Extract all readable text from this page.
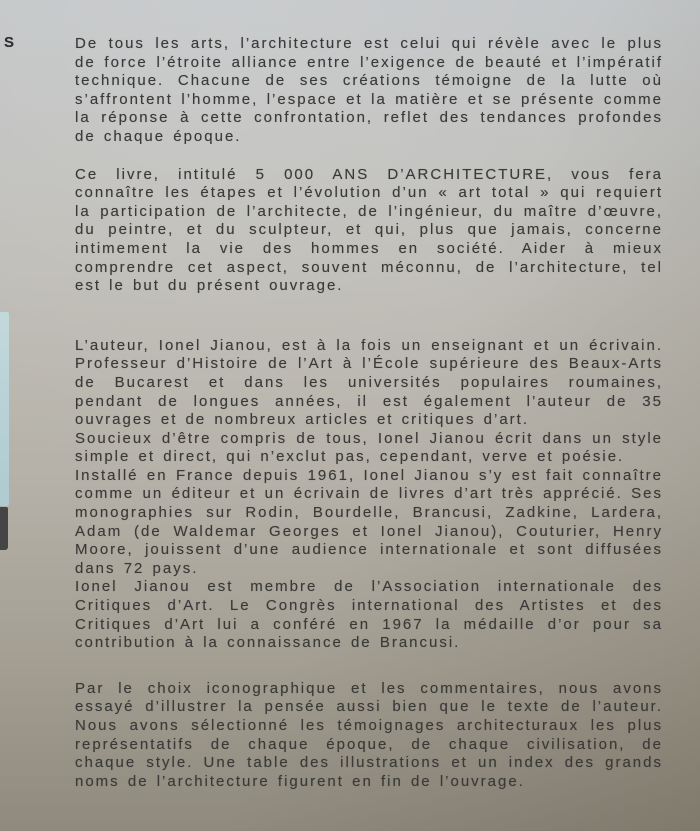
S	De tous les arts, l’architecture est celui qui révèle avec le plus de force l’étroite alliance entre l’exigence de beauté et l’impératif technique. Chacune de ses créations témoigne de la lutte où s’affrontent l’homme, l’espace et la matière et se présente comme la réponse à cette confrontation, reflet des tendances profondes de chaque époque.

Ce livre, intitulé 5 000 ANS D’ARCHITECTURE, vous fera connaître les étapes et l’évolution d’un « art total » qui requiert la participation de l’architecte, de l’ingénieur, du maître d’œuvre, du peintre, et du sculpteur, et qui, plus que jamais, concerne intimement la vie des hommes en société. Aider à mieux comprendre cet aspect, souvent méconnu, de l’architecture, tel est le but du présent ouvrage.

L’auteur, Ionel Jianou, est à la fois un enseignant et un écrivain. Professeur d’Histoire de l’Art à l’École supérieure des Beaux-Arts de Bucarest et dans les universités populaires roumaines, pendant de longues années, il est également l’auteur de 35 ouvrages et de nombreux articles et critiques d’art.

Soucieux d’être compris de tous, Ionel Jianou écrit dans un style simple et direct, qui n’exclut pas, cependant, verve et poésie.

Installé en France depuis 1961, Ionel Jianou s’y est fait connaître comme un éditeur et un écrivain de livres d’art très apprécié. Ses monographies sur Rodin, Bourdelle, Brancusi, Zadkine, Lardera, Adam (de Waldemar Georges et Ionel Jianou), Couturier, Henry Moore, jouissent d’une audience internationale et sont diffusées dans 72 pays.

Ionel Jianou est membre de l’Association internationale des Critiques d’Art. Le Congrès international des Artistes et des Critiques d’Art lui a conféré en 1967 la médaille d’or pour sa contribution à la connaissance de Brancusi.

Par le choix iconographique et les commentaires, nous avons essayé d’illustrer la pensée aussi bien que le texte de l’auteur. Nous avons sélectionné les témoignages architecturaux les plus représentatifs de chaque époque, de chaque civilisation, de chaque style. Une table des illustrations et un index des grands noms de l’architecture figurent en fin de l’ouvrage.
